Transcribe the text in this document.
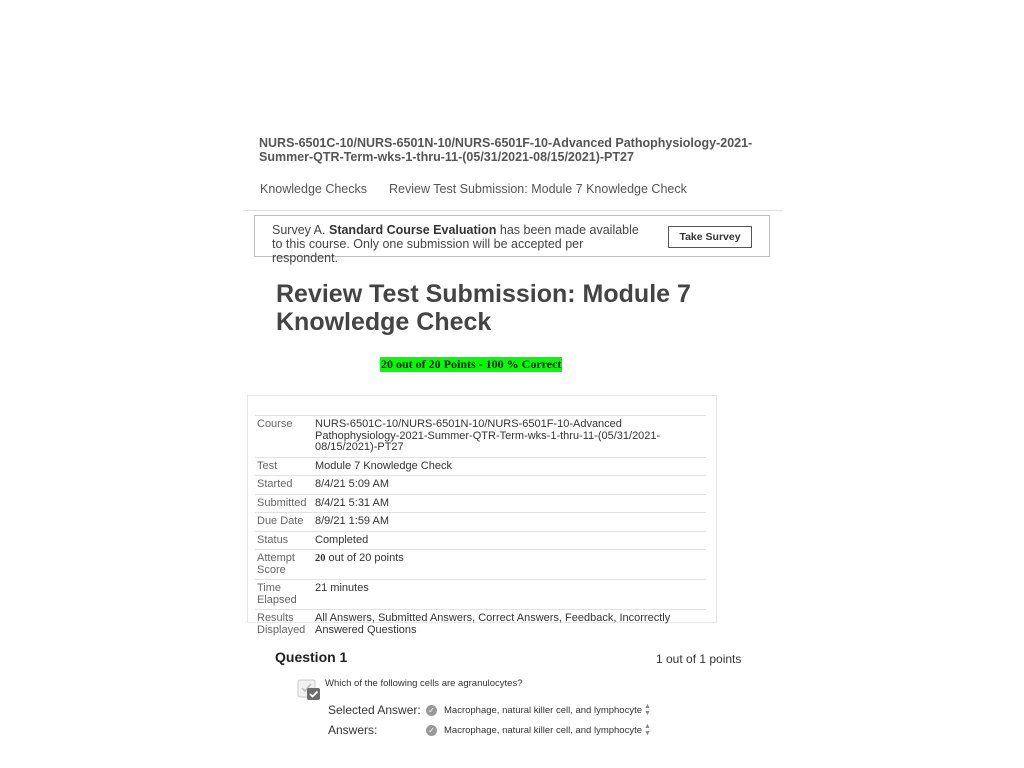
NURS-6501C-10/NURS-6501N-10/NURS-6501F-10-Advanced Pathophysiology-2021-Summer-QTR-Term-wks-1-thru-11-(05/31/2021-08/15/2021)-PT27
Knowledge Checks Review Test Submission: Module 7 Knowledge Check
Survey A. Standard Course Evaluation has been made available to this course. Only one submission will be accepted per respondent.
Take Survey
Review Test Submission: Module 7 Knowledge Check
20 out of 20 Points - 100 % Correct
Course	NURS-6501C-10/NURS-6501N-10/NURS-6501F-10-Advanced Pathophysiology-2021-Summer-QTR-Term-wks-1-thru-11-(05/31/2021-08/15/2021)-PT27
Test	Module 7 Knowledge Check
Started	8/4/21 5:09 AM
Submitted	8/4/21 5:31 AM
Due Date	8/9/21 1:59 AM
Status	Completed
Attempt Score	20 out of 20 points
Time Elapsed	21 minutes
Results Displayed	All Answers, Submitted Answers, Correct Answers, Feedback, Incorrectly Answered Questions
Question 1	1 out of 1 points
Which of the following cells are agranulocytes?
Selected Answer: ✓ Macrophage, natural killer cell, and lymphocyte ▲
▼
Answers:	✓ Macrophage, natural killer cell, and lymphocyte ▲
▼
